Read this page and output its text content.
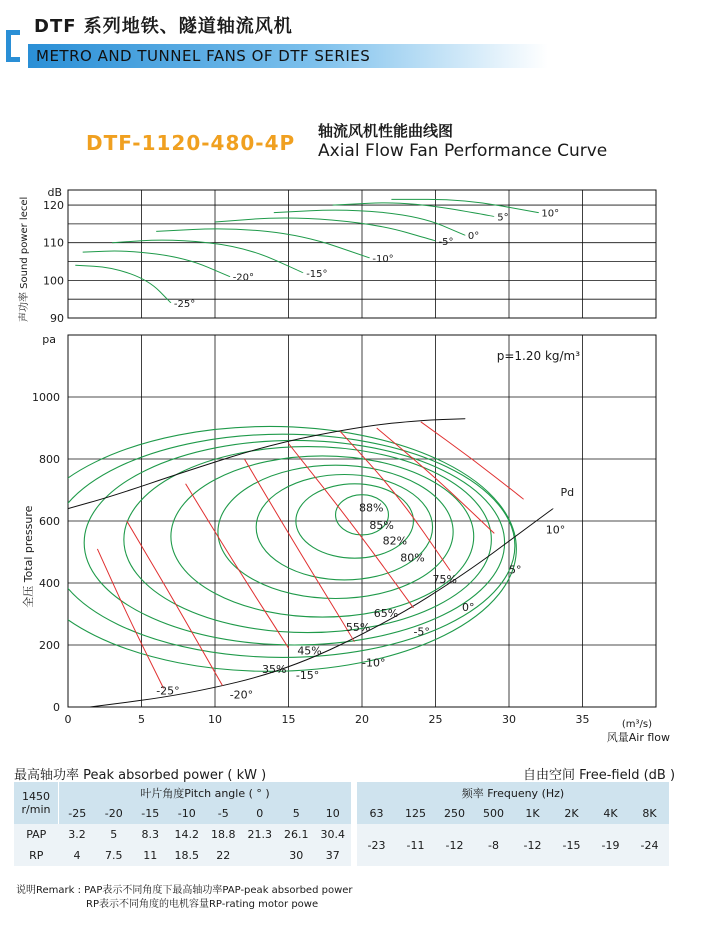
DTF 系列地铁、隧道轴流风机
METRO AND TUNNEL FANS OF DTF SERIES
DTF-1120-480-4P 轴流风机性能曲线图
Axial Flow Fan Performance Curve
90
100
110
120
dB
声功率 Sound power lecel	-25°
-20°	-15°
-10°
-5°
0°
5°	10°
0	5	10	15	20	25	30	35
0
200
400
600
800
1000
pa
(m³/s)
风量Air flow
全压 Total pressure
p=1.20 kg/m³
Pd
-25°	-20°
-15°
-10°
-5°
0°
5°
10°
88%
85%
82%
80%
75%
65%
55%
45%
35%
最高轴功率 Peak absorbed power ( kW )	自由空间 Free-field (dB )
1450
r/min	叶片角度Pitch angle ( ° )									频率 Frequeny (Hz)							
	-25	-20	-15	-10	-5	0	5	10		63	125	250	500	1K	2K	4K	8K
PAP	3.2	5	8.3	14.2	18.8	21.3	26.1	30.4		-23	-11	-12	-8	-12	-15	-19	-24
RP	4	7.5	11	18.5	22		30	37									
说明Remark : PAP表示不同角度下最高轴功率PAP-peak absorbed power
RP表示不同角度的电机容量RP-rating motor powe
